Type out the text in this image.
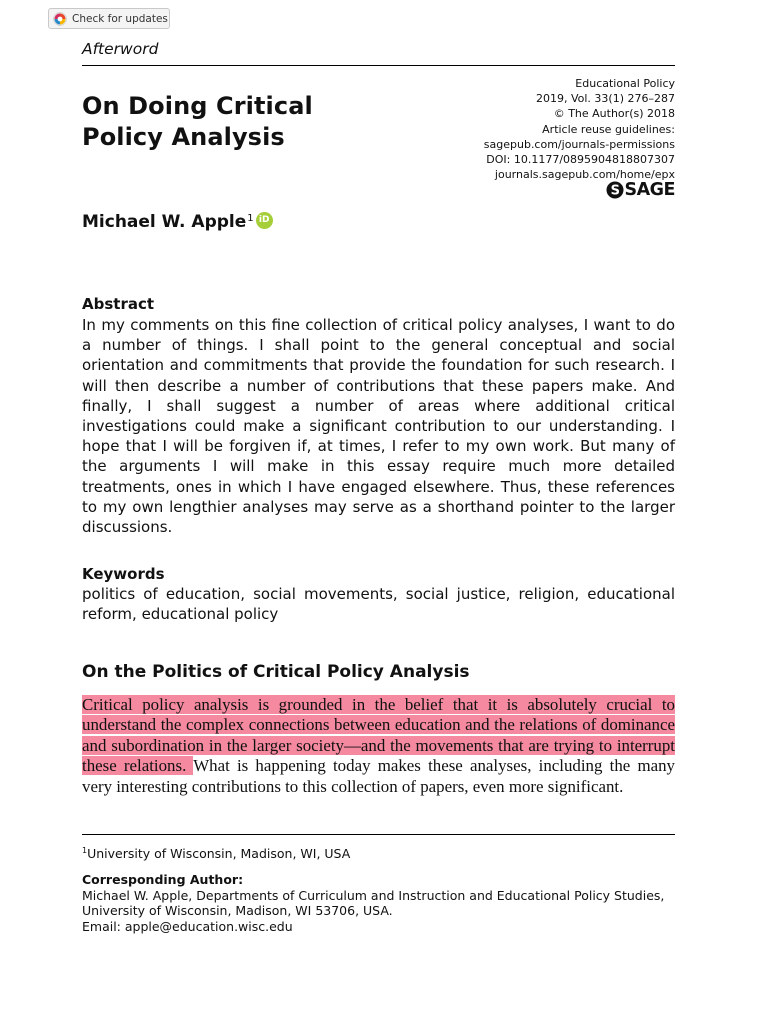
Check for updates
Afterword
On Doing Critical
Policy Analysis
Educational Policy
2019, Vol. 33(1) 276–287
© The Author(s) 2018
Article reuse guidelines:
sagepub.com/journals-permissions
DOI: 10.1177/0895904818807307
journals.sagepub.com/home/epx
S SAGE
Michael W. Apple 1 iD
Abstract
In my comments on this fine collection of critical policy analyses, I want to do a number of things. I shall point to the general conceptual and social orientation and commitments that provide the foundation for such research. I will then describe a number of contributions that these papers make. And finally, I shall suggest a number of areas where additional critical investigations could make a significant contribution to our understanding. I hope that I will be forgiven if, at times, I refer to my own work. But many of the arguments I will make in this essay require much more detailed treatments, ones in which I have engaged elsewhere. Thus, these references to my own lengthier analyses may serve as a shorthand pointer to the larger discussions.
Keywords
politics of education, social movements, social justice, religion, educational reform, educational policy
On the Politics of Critical Policy Analysis
Critical policy analysis is grounded in the belief that it is absolutely crucial to understand the complex connections between education and the relations of dominance and subordination in the larger society—and the movements that are trying to interrupt these relations. What is happening today makes these analyses, including the many very interesting contributions to this collection of papers, even more significant.
$^1$University of Wisconsin, Madison, WI, USA
Corresponding Author:
Michael W. Apple, Departments of Curriculum and Instruction and Educational Policy Studies,
University of Wisconsin, Madison, WI 53706, USA.
Email: apple@education.wisc.edu
